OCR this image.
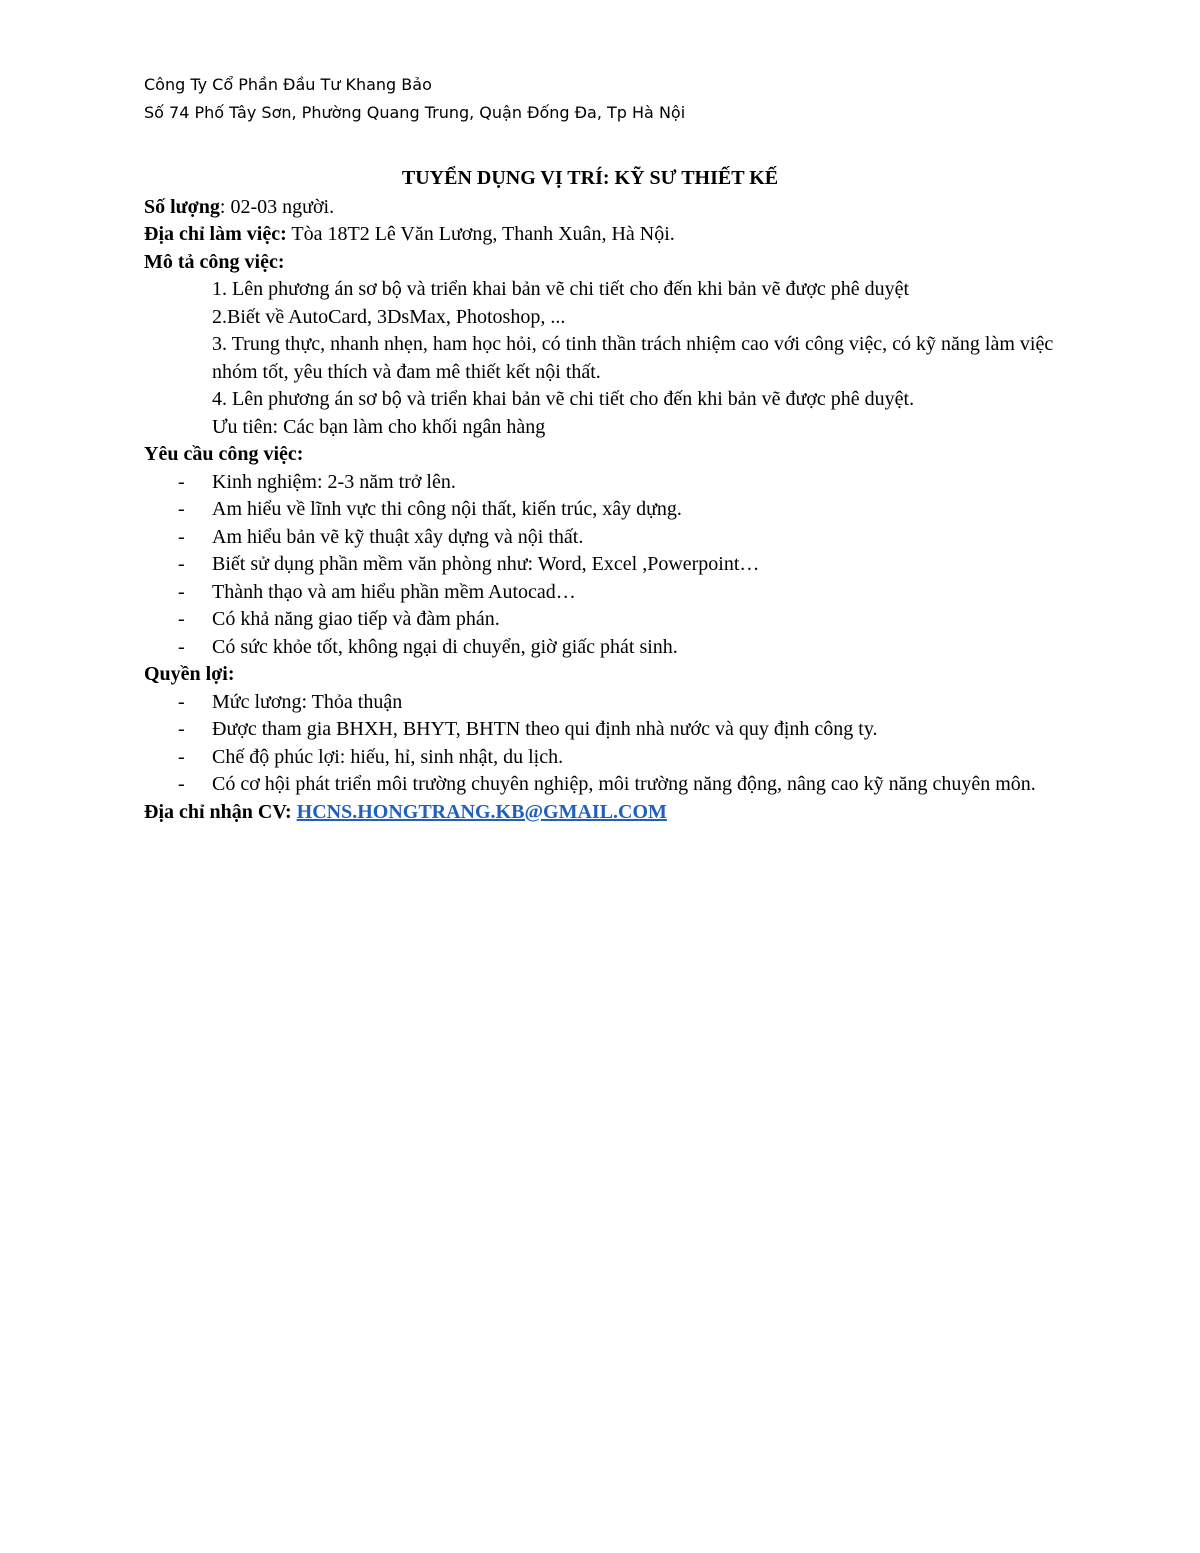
Công Ty Cổ Phần Đầu Tư Khang Bảo
Số 74 Phố Tây Sơn, Phường Quang Trung, Quận Đống Đa, Tp Hà Nội
TUYỂN DỤNG VỊ TRÍ: KỸ SƯ THIẾT KẾ
Số lượng: 02-03 người.
Địa chỉ làm việc: Tòa 18T2 Lê Văn Lương, Thanh Xuân, Hà Nội.
Mô tả công việc:

1. Lên phương án sơ bộ và triển khai bản vẽ chi tiết cho đến khi bản vẽ được phê duyệt

2.Biết về AutoCard, 3DsMax, Photoshop, ...

3. Trung thực, nhanh nhẹn, ham học hỏi, có tinh thần trách nhiệm cao với công việc, có kỹ năng làm việc nhóm tốt, yêu thích và đam mê thiết kết nội thất.

4. Lên phương án sơ bộ và triển khai bản vẽ chi tiết cho đến khi bản vẽ được phê duyệt.

Ưu tiên: Các bạn làm cho khối ngân hàng

Yêu cầu công việc:
- Kinh nghiệm: 2-3 năm trở lên.
- Am hiểu về lĩnh vực thi công nội thất, kiến trúc, xây dựng.
- Am hiểu bản vẽ kỹ thuật xây dựng và nội thất.
- Biết sử dụng phần mềm văn phòng như: Word, Excel ,Powerpoint…
- Thành thạo và am hiểu phần mềm Autocad…
- Có khả năng giao tiếp và đàm phán.
- Có sức khỏe tốt, không ngại di chuyển, giờ giấc phát sinh.
Quyền lợi:
- Mức lương: Thỏa thuận
- Được tham gia BHXH, BHYT, BHTN theo qui định nhà nước và quy định công ty.
- Chế độ phúc lợi: hiếu, hỉ, sinh nhật, du lịch.
- Có cơ hội phát triển môi trường chuyên nghiệp, môi trường năng động, nâng cao kỹ năng chuyên môn.
Địa chỉ nhận CV: HCNS.HONGTRANG.KB@GMAIL.COM
